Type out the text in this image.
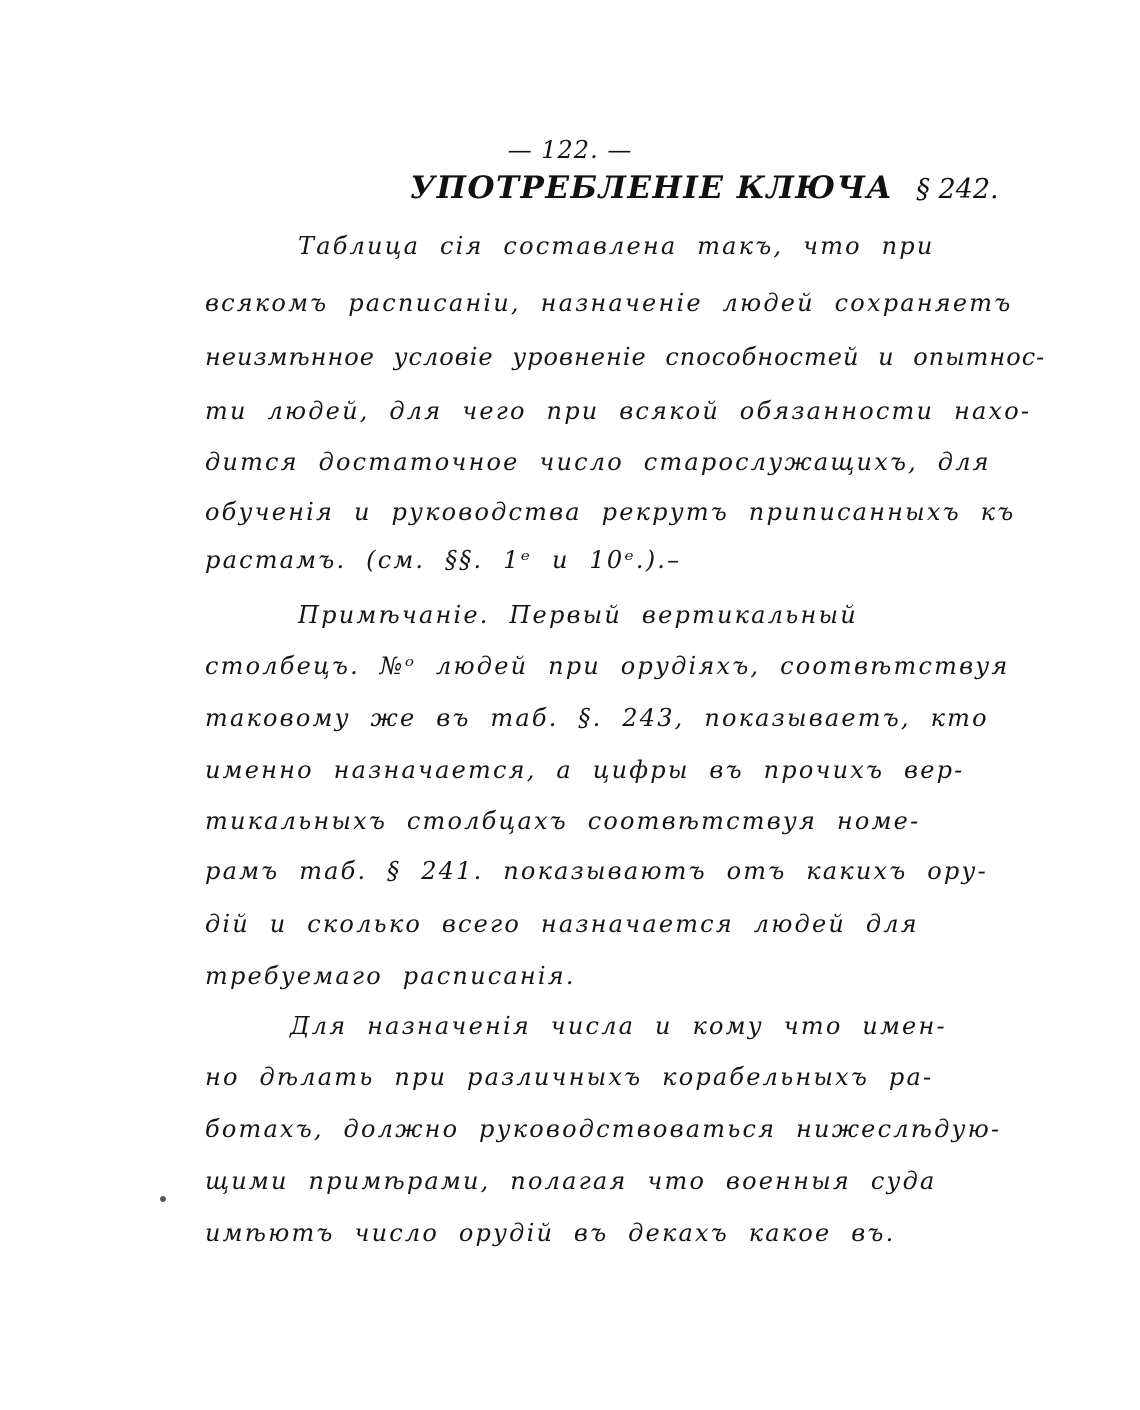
— 122. —
УПОТРЕБЛЕНІЕ КЛЮЧА § 242.
Таблица сія составлена такъ, что при
всякомъ расписаніи, назначеніе людей сохраняетъ
неизмѣнное условіе уровненіе способностей и опытнос-
ти людей, для чего при всякой обязанности нахо-
дится достаточное число старослужащихъ, для
обученія и руководства рекрутъ приписанныхъ къ
растамъ. (см. §§. 1ᵉ и 10ᵉ.).–
Примѣчаніе. Первый вертикальный
столбецъ. №ᵒ людей при орудіяхъ, соотвѣтствуя
таковому же въ таб. §. 243, показываетъ, кто
именно назначается, а цифры въ прочихъ вер-
тикальныхъ столбцахъ соотвѣтствуя номе-
рамъ таб. § 241. показываютъ отъ какихъ ору-
дій и сколько всего назначается людей для
требуемаго расписанія.
Для назначенія числа и кому что имен-
но дѣлать при различныхъ корабельныхъ ра-
ботахъ, должно руководствоваться нижеслѣдую-
щими примѣрами, полагая что военныя суда
имѣютъ число орудій въ декахъ какое въ.
